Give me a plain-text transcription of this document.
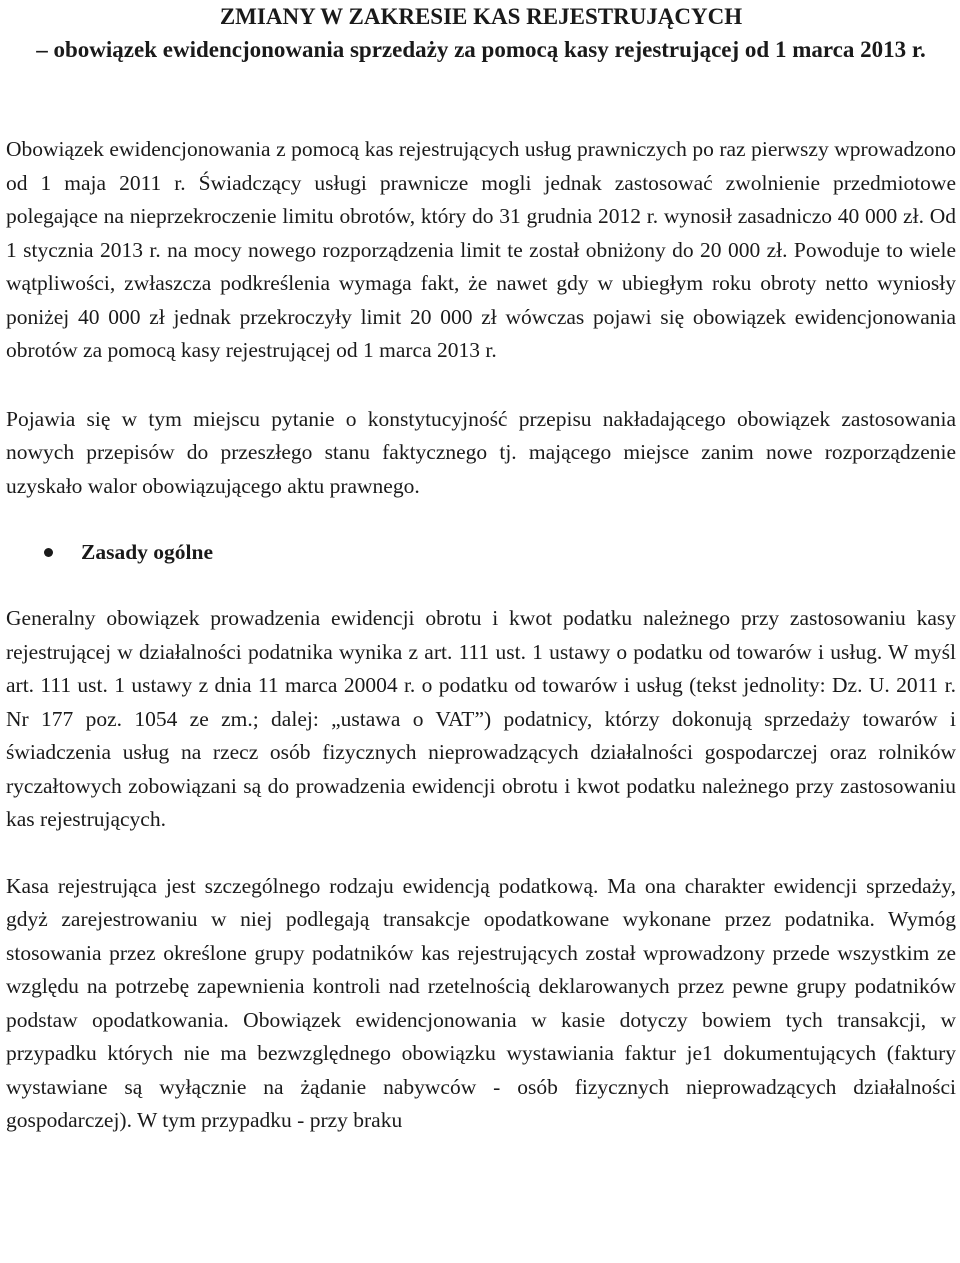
ZMIANY W ZAKRESIE KAS REJESTRUJĄCYCH
– obowiązek ewidencjonowania sprzedaży za pomocą kasy rejestrującej od 1 marca 2013 r.

Obowiązek ewidencjonowania z pomocą kas rejestrujących usług prawniczych po raz pierwszy wprowadzono od 1 maja 2011 r. Świadczący usługi prawnicze mogli jednak zastosować zwolnienie przedmiotowe polegające na nieprzekroczenie limitu obrotów, który do 31 grudnia 2012 r. wynosił zasadniczo 40 000 zł. Od 1 stycznia 2013 r. na mocy nowego rozporządzenia limit te został obniżony do 20 000 zł. Powoduje to wiele wątpliwości, zwłaszcza podkreślenia wymaga fakt, że nawet gdy w ubiegłym roku obroty netto wyniosły poniżej 40 000 zł jednak przekroczyły limit 20 000 zł wówczas pojawi się obowiązek ewidencjonowania obrotów za pomocą kasy rejestrującej od 1 marca 2013 r.

Pojawia się w tym miejscu pytanie o konstytucyjność przepisu nakładającego obowiązek zastosowania nowych przepisów do przeszłego stanu faktycznego tj. mającego miejsce zanim nowe rozporządzenie uzyskało walor obowiązującego aktu prawnego.

Zasady ogólne

Generalny obowiązek prowadzenia ewidencji obrotu i kwot podatku należnego przy zastosowaniu kasy rejestrującej w działalności podatnika wynika z art. 111 ust. 1 ustawy o podatku od towarów i usług. W myśl art. 111 ust. 1 ustawy z dnia 11 marca 20004 r. o podatku od towarów i usług (tekst jednolity: Dz. U. 2011 r. Nr 177 poz. 1054 ze zm.; dalej: „ustawa o VAT”) podatnicy, którzy dokonują sprzedaży towarów i świadczenia usług na rzecz osób fizycznych nieprowadzących działalności gospodarczej oraz rolników ryczałtowych zobowiązani są do prowadzenia ewidencji obrotu i kwot podatku należnego przy zastosowaniu kas rejestrujących.

Kasa rejestrująca jest szczególnego rodzaju ewidencją podatkową. Ma ona charakter ewidencji sprzedaży, gdyż zarejestrowaniu w niej podlegają transakcje opodatkowane wykonane przez podatnika. Wymóg stosowania przez określone grupy podatników kas rejestrujących został wprowadzony przede wszystkim ze względu na potrzebę zapewnienia kontroli nad rzetelnością deklarowanych przez pewne grupy podatników podstaw opodatkowania. Obowiązek ewidencjonowania w kasie dotyczy bowiem tych transakcji, w przypadku których nie ma bezwzględnego obowiązku wystawiania faktur je1 dokumentujących (faktury wystawiane są wyłącznie na żądanie nabywców - osób fizycznych nieprowadzących działalności gospodarczej). W tym przypadku - przy braku
